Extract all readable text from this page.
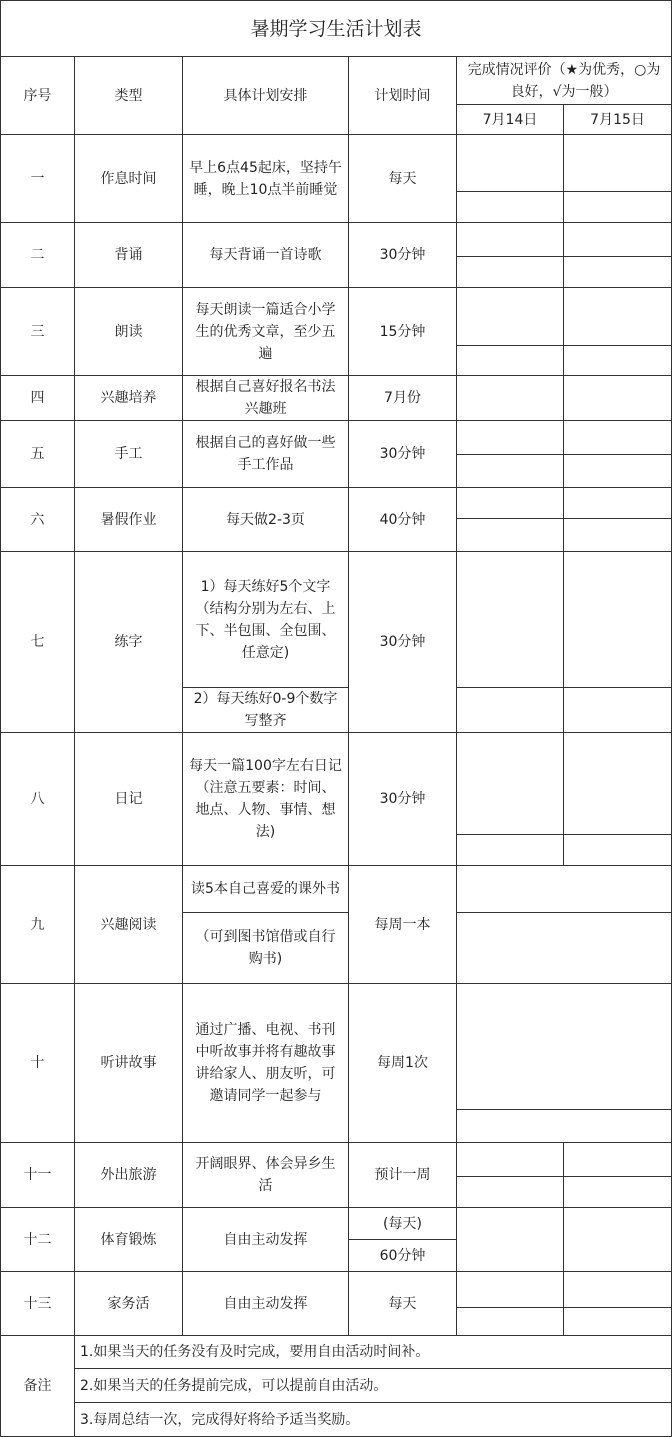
暑期学习生活计划表					
序号	类型	具体计划安排	计划时间	完成情况评价（★为优秀，○为良好，√为一般）	
				7月14日	7月15日
一	作息时间	早上6点45起床，坚持午睡，晚上10点半前睡觉	每天		

二	背诵	每天背诵一首诗歌	30分钟		

三	朗读	每天朗读一篇适合小学生的优秀文章，至少五遍	15分钟		

四	兴趣培养	根据自己喜好报名书法兴趣班	7月份		
五	手工	根据自己的喜好做一些手工作品	30分钟		

六	暑假作业	每天做2-3页	40分钟		

七	练字	1）每天练好5个文字（结构分别为左右、上下、半包围、全包围、任意定)	30分钟		
		2）每天练好0-9个数字写整齐			
八	日记	每天一篇100字左右日记（注意五要素：时间、地点、人物、事情、想法)	30分钟		

九	兴趣阅读	读5本自己喜爱的课外书	每周一本		
		（可到图书馆借或自行购书)			
十	听讲故事	通过广播、电视、书刊中听故事并将有趣故事讲给家人、朋友听，可邀请同学一起参与	每周1次		

十一	外出旅游	开阔眼界、体会异乡生活	预计一周		

十二	体育锻炼	自由主动发挥	(每天)		
			60分钟		
十三	家务活	自由主动发挥	每天		

备注	1.如果当天的任务没有及时完成，要用自由活动时间补。				
	2.如果当天的任务提前完成，可以提前自由活动。				
	3.每周总结一次，完成得好将给予适当奖励。				
